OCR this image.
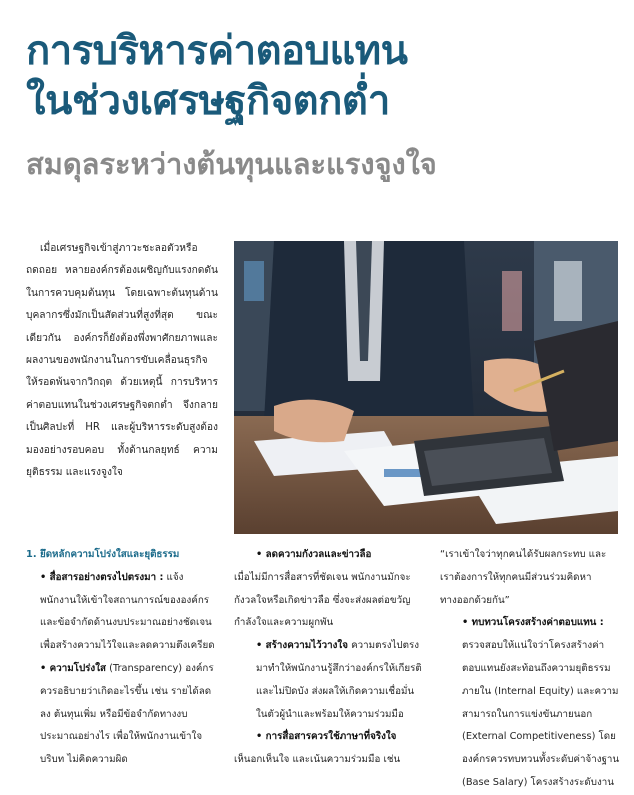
การบริหารค่าตอบแทน
ในช่วงเศรษฐกิจตกต่ำ
สมดุลระหว่างต้นทุนและแรงจูงใจ

เมื่อเศรษฐกิจเข้าสู่ภาวะชะลอตัวหรือถดถอย หลายองค์กรต้องเผชิญกับแรงกดดันในการควบคุมต้นทุน โดยเฉพาะต้นทุนด้านบุคลากรซึ่งมักเป็นสัดส่วนที่สูงที่สุด ขณะเดียวกัน องค์กรก็ยังต้องพึ่งพาศักยภาพและผลงานของพนักงานในการขับเคลื่อนธุรกิจให้รอดพ้นจากวิกฤต ด้วยเหตุนี้ การบริหารค่าตอบแทนในช่วงเศรษฐกิจตกต่ำ จึงกลายเป็นศิลปะที่ HR และผู้บริหารระดับสูงต้องมองอย่างรอบคอบ ทั้งด้านกลยุทธ์ ความยุติธรรม และแรงจูงใจ

1. ยึดหลักความโปร่งใสและยุติธรรม

• สื่อสารอย่างตรงไปตรงมา : แจ้งพนักงานให้เข้าใจสถานการณ์ขององค์กรและข้อจำกัดด้านงบประมาณอย่างชัดเจน เพื่อสร้างความไว้ใจและลดความตึงเครียด

• ความโปร่งใส (Transparency) องค์กรควรอธิบายว่าเกิดอะไรขึ้น เช่น รายได้ลดลง ต้นทุนเพิ่ม หรือมีข้อจำกัดทางงบประมาณอย่างไร เพื่อให้พนักงานเข้าใจบริบท ไม่คิดความผิด

• ลดความกังวลและข่าวลือ

เมื่อไม่มีการสื่อสารที่ชัดเจน พนักงานมักจะกังวลใจหรือเกิดข่าวลือ ซึ่งจะส่งผลต่อขวัญกำลังใจและความผูกพัน

• สร้างความไว้วางใจ ความตรงไปตรงมาทำให้พนักงานรู้สึกว่าองค์กรให้เกียรติและไม่ปิดบัง ส่งผลให้เกิดความเชื่อมั่นในตัวผู้นำและพร้อมให้ความร่วมมือ

• การสื่อสารควรใช้ภาษาที่จริงใจ

เห็นอกเห็นใจ และเน้นความร่วมมือ เช่น

“เราเข้าใจว่าทุกคนได้รับผลกระทบ และเราต้องการให้ทุกคนมีส่วนร่วมคิดหาทางออกด้วยกัน”

• ทบทวนโครงสร้างค่าตอบแทน : ตรวจสอบให้แน่ใจว่าโครงสร้างค่าตอบแทนยังสะท้อนถึงความยุติธรรมภายใน (Internal Equity) และความสามารถในการแข่งขันภายนอก (External Competitiveness) โดยองค์กรควรทบทวนทั้งระดับค่าจ้างฐาน (Base Salary) โครงสร้างระดับงาน
